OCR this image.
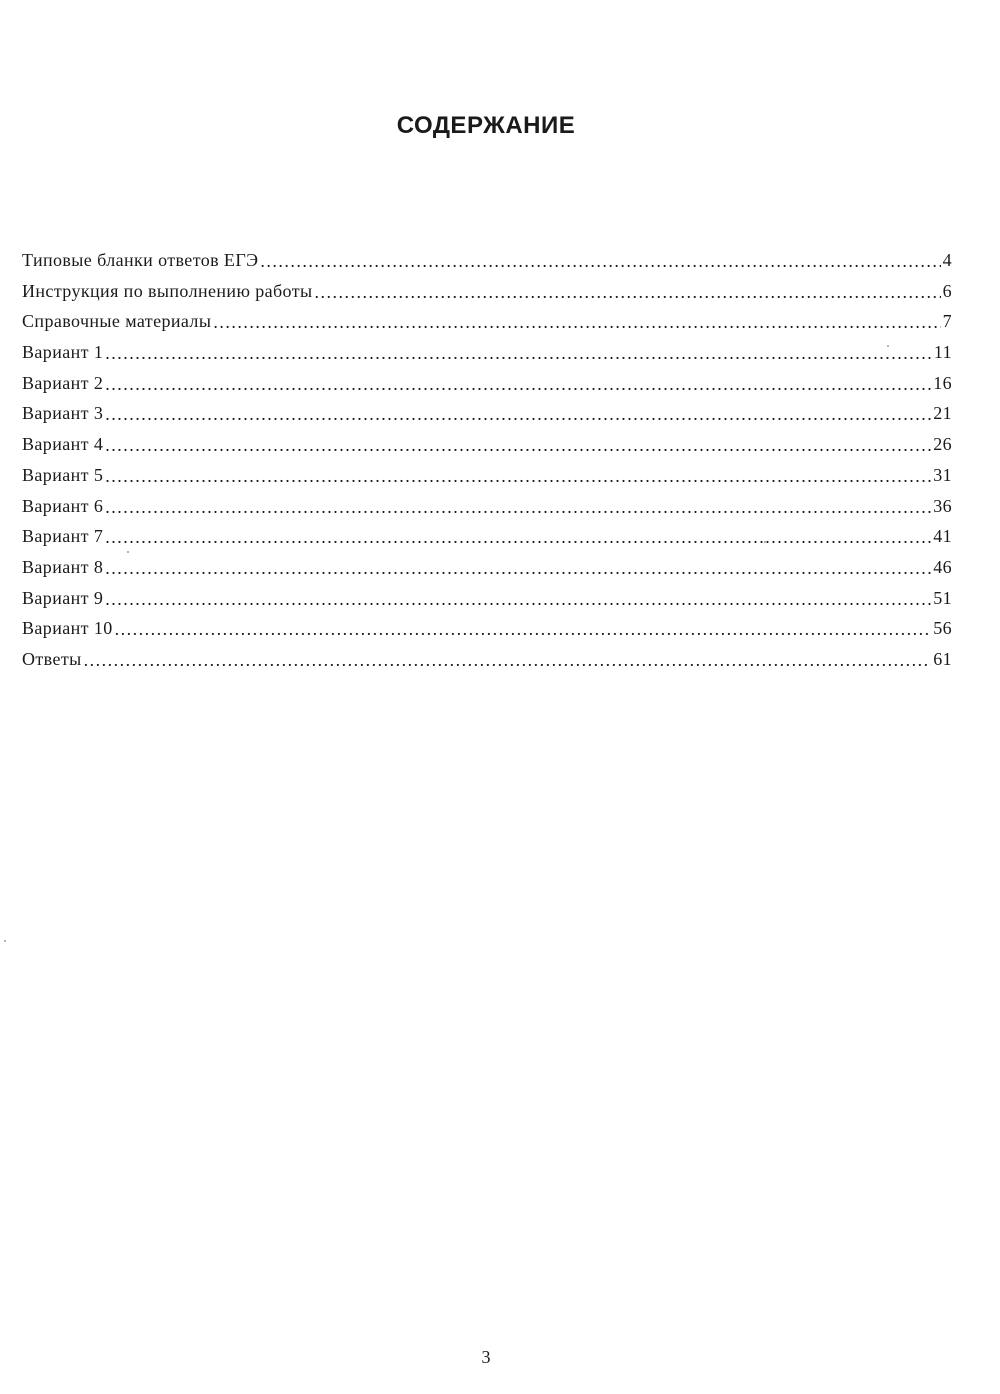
СОДЕРЖАНИЕ
Типовые бланки ответов ЕГЭ .....	4
Инструкция по выполнению работы .....	6
Справочные материалы .....	7
Вариант 1 .....	11
Вариант 2 .....	16
Вариант 3 .....	21
Вариант 4 .....	26
Вариант 5 .....	31
Вариант 6 .....	36
Вариант 7 .....	41
Вариант 8 .....	46
Вариант 9 .....	51
Вариант 10 .....	56
Ответы .....	61
3
